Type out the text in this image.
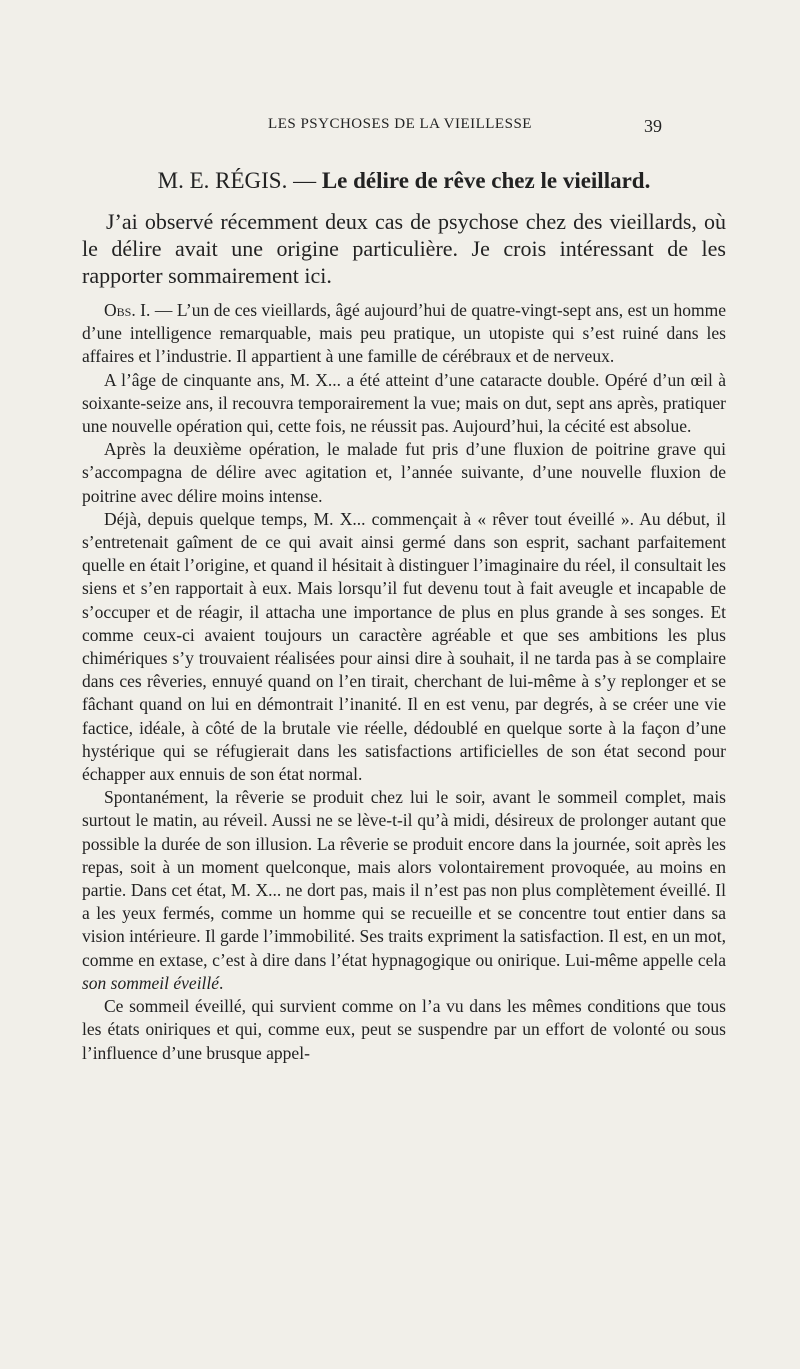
LES PSYCHOSES DE LA VIEILLESSE	39
M. E. RÉGIS. — Le délire de rêve chez le vieillard.

J’ai observé récemment deux cas de psychose chez des vieillards, où le délire avait une origine particulière. Je crois intéressant de les rapporter sommairement ici.

Obs. I. — L’un de ces vieillards, âgé aujourd’hui de quatre-vingt-sept ans, est un homme d’une intelligence remarquable, mais peu pratique, un utopiste qui s’est ruiné dans les affaires et l’industrie. Il appartient à une famille de cérébraux et de nerveux.

A l’âge de cinquante ans, M. X... a été atteint d’une cataracte double. Opéré d’un œil à soixante-seize ans, il recouvra temporairement la vue; mais on dut, sept ans après, pratiquer une nouvelle opération qui, cette fois, ne réussit pas. Aujourd’hui, la cécité est absolue.

Après la deuxième opération, le malade fut pris d’une fluxion de poitrine grave qui s’accompagna de délire avec agitation et, l’année suivante, d’une nouvelle fluxion de poitrine avec délire moins intense.

Déjà, depuis quelque temps, M. X... commençait à « rêver tout éveillé ». Au début, il s’entretenait gaîment de ce qui avait ainsi germé dans son esprit, sachant parfaitement quelle en était l’origine, et quand il hésitait à distinguer l’imaginaire du réel, il consultait les siens et s’en rapportait à eux. Mais lorsqu’il fut devenu tout à fait aveugle et incapable de s’occuper et de réagir, il attacha une importance de plus en plus grande à ses songes. Et comme ceux-ci avaient toujours un caractère agréable et que ses ambitions les plus chimériques s’y trouvaient réalisées pour ainsi dire à souhait, il ne tarda pas à se complaire dans ces rêveries, ennuyé quand on l’en tirait, cherchant de lui-même à s’y replonger et se fâchant quand on lui en démontrait l’inanité. Il en est venu, par degrés, à se créer une vie factice, idéale, à côté de la brutale vie réelle, dédoublé en quelque sorte à la façon d’une hystérique qui se réfugierait dans les satisfactions artificielles de son état second pour échapper aux ennuis de son état normal.

Spontanément, la rêverie se produit chez lui le soir, avant le sommeil complet, mais surtout le matin, au réveil. Aussi ne se lève-t-il qu’à midi, désireux de prolonger autant que possible la durée de son illusion. La rêverie se produit encore dans la journée, soit après les repas, soit à un moment quelconque, mais alors volontairement provoquée, au moins en partie. Dans cet état, M. X... ne dort pas, mais il n’est pas non plus complètement éveillé. Il a les yeux fermés, comme un homme qui se recueille et se concentre tout entier dans sa vision intérieure. Il garde l’immobilité. Ses traits expriment la satisfaction. Il est, en un mot, comme en extase, c’est à dire dans l’état hypnagogique ou onirique. Lui-même appelle cela son sommeil éveillé.

Ce sommeil éveillé, qui survient comme on l’a vu dans les mêmes conditions que tous les états oniriques et qui, comme eux, peut se suspendre par un effort de volonté ou sous l’influence d’une brusque appel-
